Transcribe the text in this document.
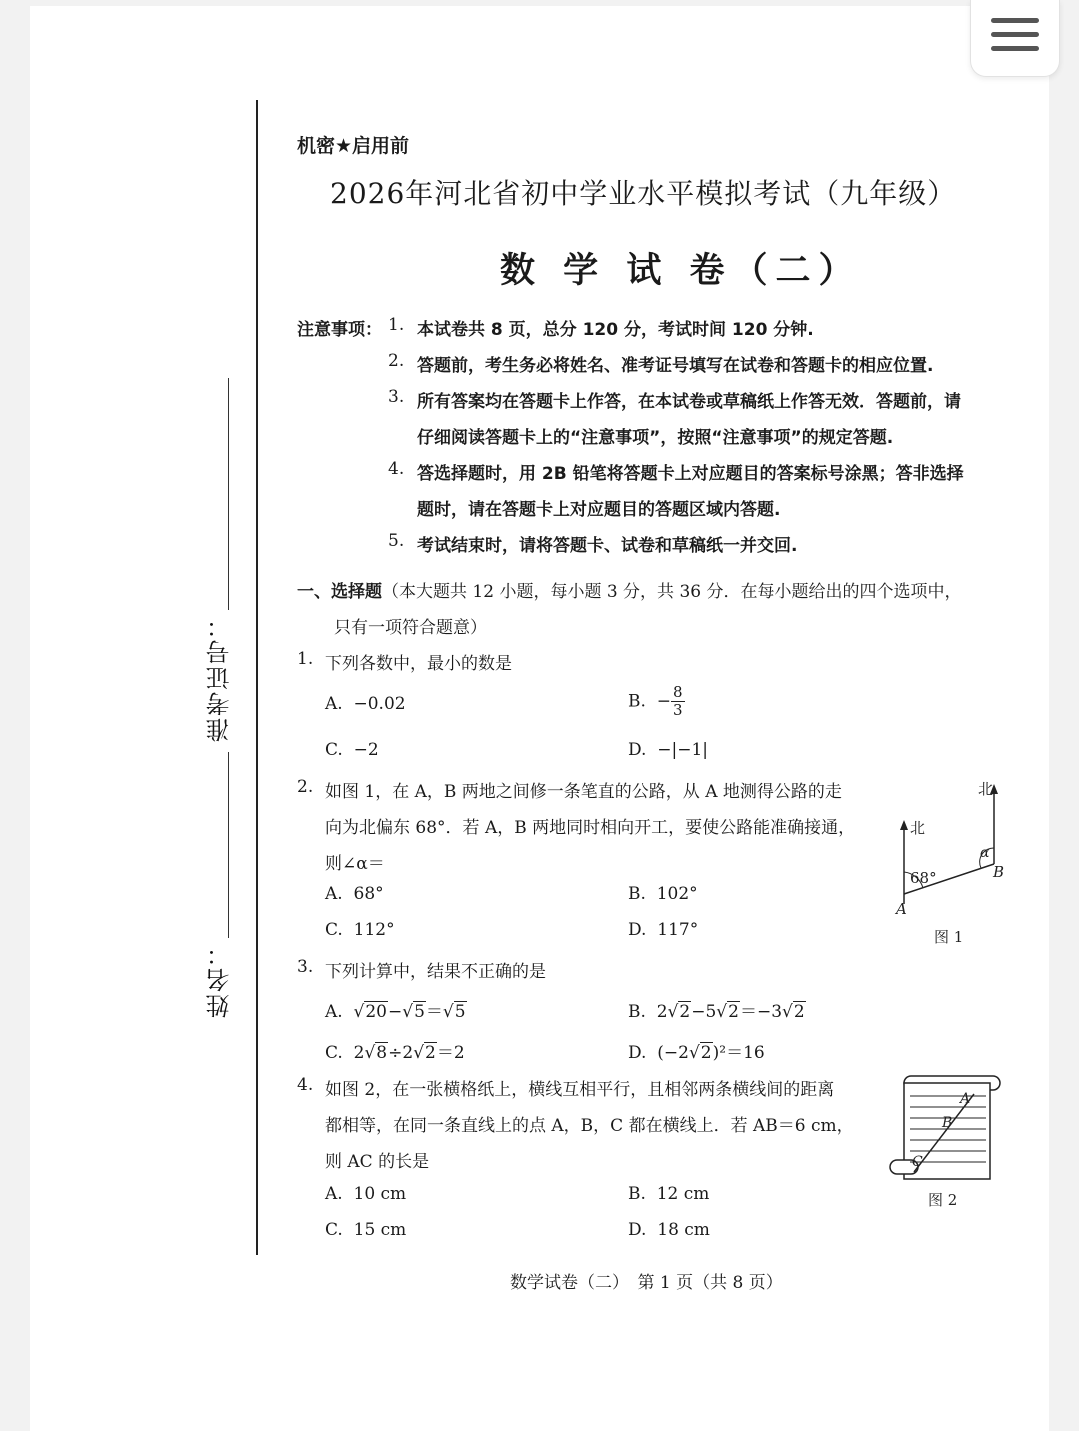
准考证号：
姓名：
机密★启用前
2026年河北省初中学业水平模拟考试（九年级）
数 学 试 卷（二）
注意事项： 1. 本试卷共 8 页，总分 120 分，考试时间 120 分钟.
2. 答题前，考生务必将姓名、准考证号填写在试卷和答题卡的相应位置.
3. 所有答案均在答题卡上作答，在本试卷或草稿纸上作答无效．答题前，请
仔细阅读答题卡上的“注意事项”，按照“注意事项”的规定答题.
4. 答选择题时，用 2B 铅笔将答题卡上对应题目的答案标号涂黑；答非选择
题时，请在答题卡上对应题目的答题区域内答题.
5. 考试结束时，请将答题卡、试卷和草稿纸一并交回.
一、选择题（本大题共 12 小题，每小题 3 分，共 36 分．在每小题给出的四个选项中，
只有一项符合题意）
1. 下列各数中，最小的数是
A. −0.02	B. − $\frac{8}{3}$
C. −2	D. −|−1|
2. 如图 1，在 A，B 两地之间修一条笔直的公路，从 A 地测得公路的走
向为北偏东 68°．若 A，B 两地同时相向开工，要使公路能准确接通，
则∠α＝
A. 68°	B. 102°
C. 112°	D. 117°
北
北
68°
α
A
B
图 1
3. 下列计算中，结果不正确的是
A.  √20−√5＝√5	B. 2√2−5√2＝−3√2
C. 2√8÷2√2＝2	D. (−2√2)²＝16
4. 如图 2，在一张横格纸上，横线互相平行，且相邻两条横线间的距离
都相等，在同一条直线上的点 A，B，C 都在横线上．若 AB＝6 cm，
则 AC 的长是
A. 10 cm	B. 12 cm
C. 15 cm	D. 18 cm
A
B
C
图 2
数学试卷（二）　第 1 页（共 8 页）
